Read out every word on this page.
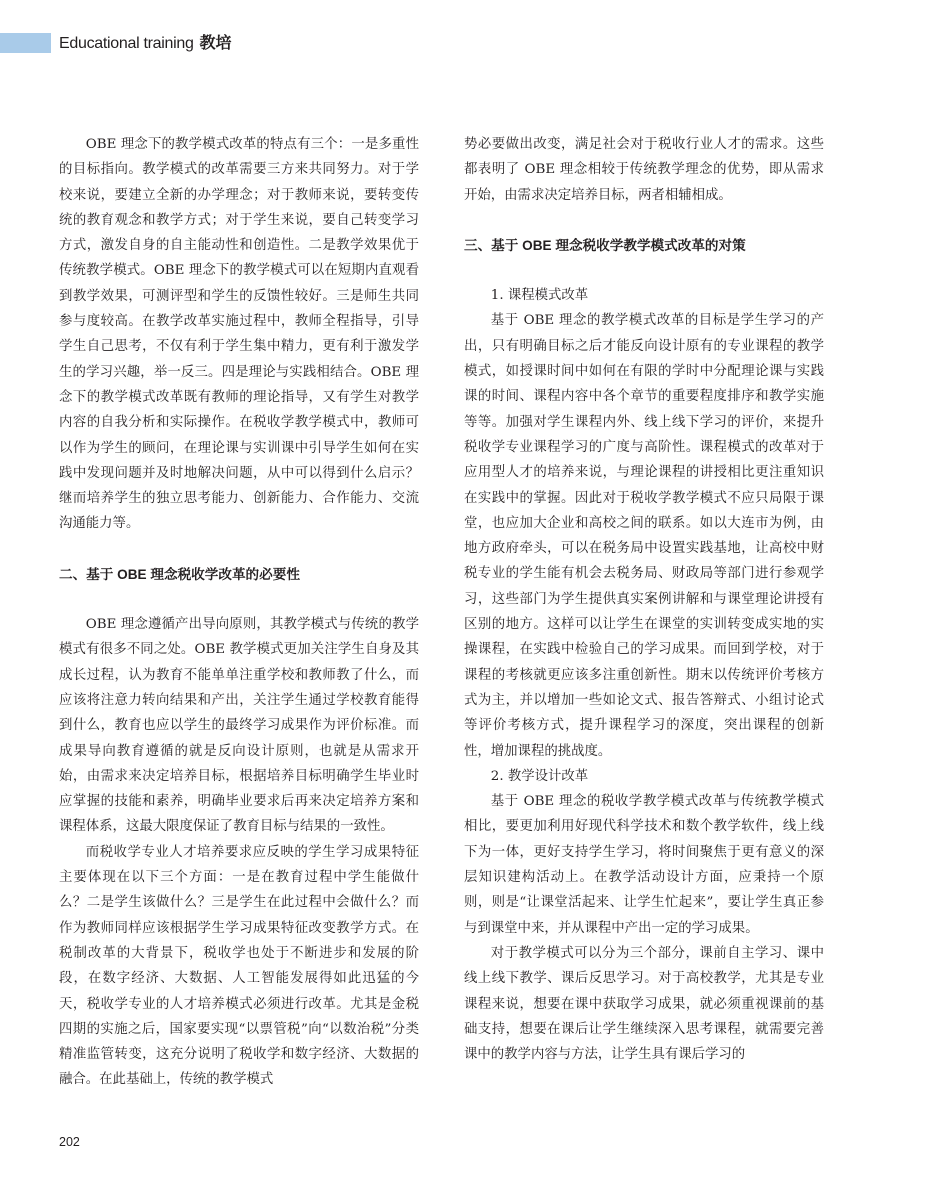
Educational training 教培

OBE 理念下的教学模式改革的特点有三个：一是多重性的目标指向。教学模式的改革需要三方来共同努力。对于学校来说，要建立全新的办学理念；对于教师来说，要转变传统的教育观念和教学方式；对于学生来说，要自己转变学习方式，激发自身的自主能动性和创造性。二是教学效果优于传统教学模式。OBE 理念下的教学模式可以在短期内直观看到教学效果，可测评型和学生的反馈性较好。三是师生共同参与度较高。在教学改革实施过程中，教师全程指导，引导学生自己思考，不仅有利于学生集中精力，更有利于激发学生的学习兴趣，举一反三。四是理论与实践相结合。OBE 理念下的教学模式改革既有教师的理论指导，又有学生对教学内容的自我分析和实际操作。在税收学教学模式中，教师可以作为学生的顾问，在理论课与实训课中引导学生如何在实践中发现问题并及时地解决问题，从中可以得到什么启示？继而培养学生的独立思考能力、创新能力、合作能力、交流沟通能力等。

二、基于 OBE 理念税收学改革的必要性

OBE 理念遵循产出导向原则，其教学模式与传统的教学模式有很多不同之处。OBE 教学模式更加关注学生自身及其成长过程，认为教育不能单单注重学校和教师教了什么，而应该将注意力转向结果和产出，关注学生通过学校教育能得到什么，教育也应以学生的最终学习成果作为评价标准。而成果导向教育遵循的就是反向设计原则，也就是从需求开始，由需求来决定培养目标，根据培养目标明确学生毕业时应掌握的技能和素养，明确毕业要求后再来决定培养方案和课程体系，这最大限度保证了教育目标与结果的一致性。

而税收学专业人才培养要求应反映的学生学习成果特征主要体现在以下三个方面：一是在教育过程中学生能做什么？二是学生该做什么？三是学生在此过程中会做什么？而作为教师同样应该根据学生学习成果特征改变教学方式。在税制改革的大背景下，税收学也处于不断进步和发展的阶段，在数字经济、大数据、人工智能发展得如此迅猛的今天，税收学专业的人才培养模式必须进行改革。尤其是金税四期的实施之后，国家要实现“以票管税”向“以数治税”分类精准监管转变，这充分说明了税收学和数字经济、大数据的融合。在此基础上，传统的教学模式

势必要做出改变，满足社会对于税收行业人才的需求。这些都表明了 OBE 理念相较于传统教学理念的优势，即从需求开始，由需求决定培养目标，两者相辅相成。

三、基于 OBE 理念税收学教学模式改革的对策

1. 课程模式改革

基于 OBE 理念的教学模式改革的目标是学生学习的产出，只有明确目标之后才能反向设计原有的专业课程的教学模式，如授课时间中如何在有限的学时中分配理论课与实践课的时间、课程内容中各个章节的重要程度排序和教学实施等等。加强对学生课程内外、线上线下学习的评价，来提升税收学专业课程学习的广度与高阶性。课程模式的改革对于应用型人才的培养来说，与理论课程的讲授相比更注重知识在实践中的掌握。因此对于税收学教学模式不应只局限于课堂，也应加大企业和高校之间的联系。如以大连市为例，由地方政府牵头，可以在税务局中设置实践基地，让高校中财税专业的学生能有机会去税务局、财政局等部门进行参观学习，这些部门为学生提供真实案例讲解和与课堂理论讲授有区别的地方。这样可以让学生在课堂的实训转变成实地的实操课程，在实践中检验自己的学习成果。而回到学校，对于课程的考核就更应该多注重创新性。期末以传统评价考核方式为主，并以增加一些如论文式、报告答辩式、小组讨论式等评价考核方式，提升课程学习的深度，突出课程的创新性，增加课程的挑战度。

2. 教学设计改革

基于 OBE 理念的税收学教学模式改革与传统教学模式相比，要更加利用好现代科学技术和数个教学软件，线上线下为一体，更好支持学生学习，将时间聚焦于更有意义的深层知识建构活动上。在教学活动设计方面，应秉持一个原则，则是“让课堂活起来、让学生忙起来”，要让学生真正参与到课堂中来，并从课程中产出一定的学习成果。

对于教学模式可以分为三个部分，课前自主学习、课中线上线下教学、课后反思学习。对于高校教学，尤其是专业课程来说，想要在课中获取学习成果，就必须重视课前的基础支持，想要在课后让学生继续深入思考课程，就需要完善课中的教学内容与方法，让学生具有课后学习的

202
